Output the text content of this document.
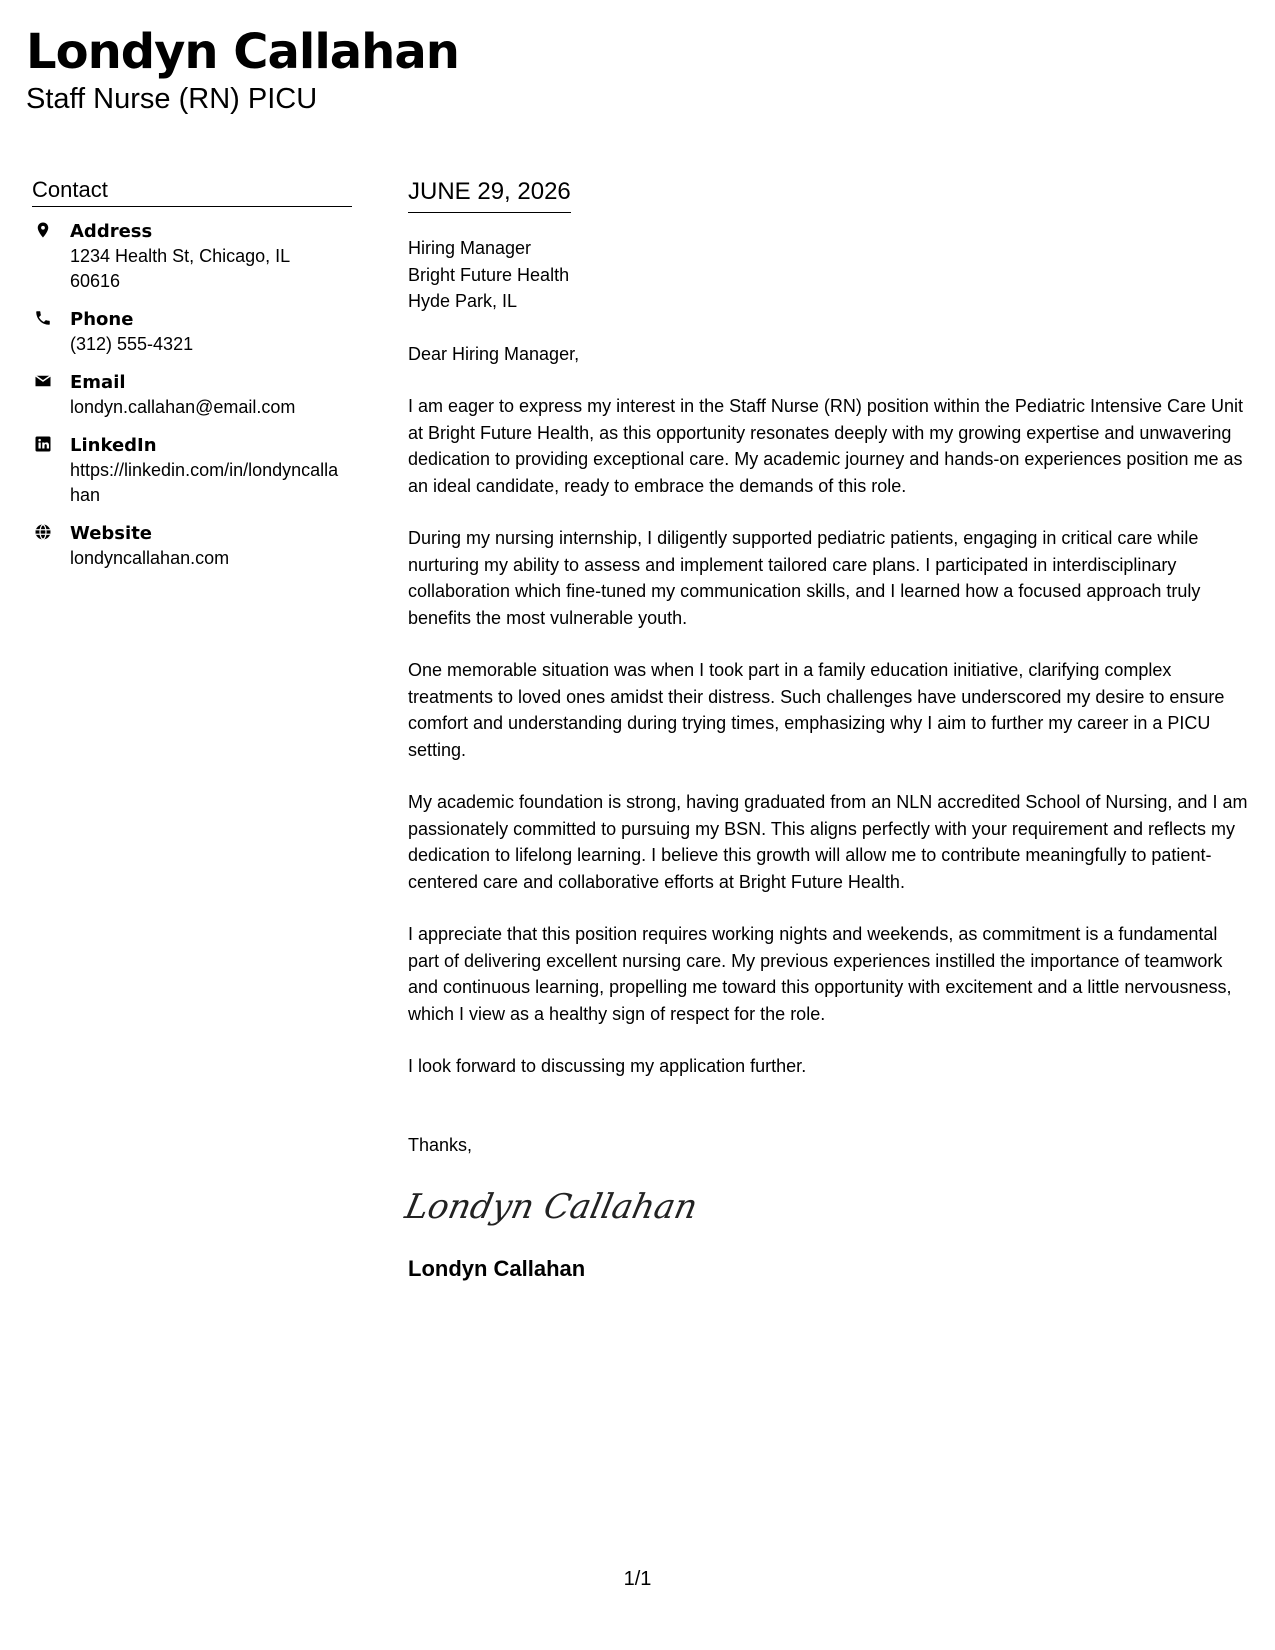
Londyn Callahan
Staff Nurse (RN) PICU
Contact
Address
1234 Health St, Chicago, IL 60616
Phone
(312) 555-4321
Email
londyn.callahan@email.com
LinkedIn
https://linkedin.com/in/londyncallahan
Website
londyncallahan.com
JUNE 29, 2026
Hiring Manager
Bright Future Health
Hyde Park, IL
Dear Hiring Manager,

I am eager to express my interest in the Staff Nurse (RN) position within the Pediatric Intensive Care Unit at Bright Future Health, as this opportunity resonates deeply with my growing expertise and unwavering dedication to providing exceptional care. My academic journey and hands-on experiences position me as an ideal candidate, ready to embrace the demands of this role.

During my nursing internship, I diligently supported pediatric patients, engaging in critical care while nurturing my ability to assess and implement tailored care plans. I participated in interdisciplinary collaboration which fine-tuned my communication skills, and I learned how a focused approach truly benefits the most vulnerable youth.

One memorable situation was when I took part in a family education initiative, clarifying complex treatments to loved ones amidst their distress. Such challenges have underscored my desire to ensure comfort and understanding during trying times, emphasizing why I aim to further my career in a PICU setting.

My academic foundation is strong, having graduated from an NLN accredited School of Nursing, and I am passionately committed to pursuing my BSN. This aligns perfectly with your requirement and reflects my dedication to lifelong learning. I believe this growth will allow me to contribute meaningfully to patient-centered care and collaborative efforts at Bright Future Health.

I appreciate that this position requires working nights and weekends, as commitment is a fundamental part of delivering excellent nursing care. My previous experiences instilled the importance of teamwork and continuous learning, propelling me toward this opportunity with excitement and a little nervousness, which I view as a healthy sign of respect for the role.

I look forward to discussing my application further.

Thanks,
Londyn Callahan
Londyn Callahan
1/1
